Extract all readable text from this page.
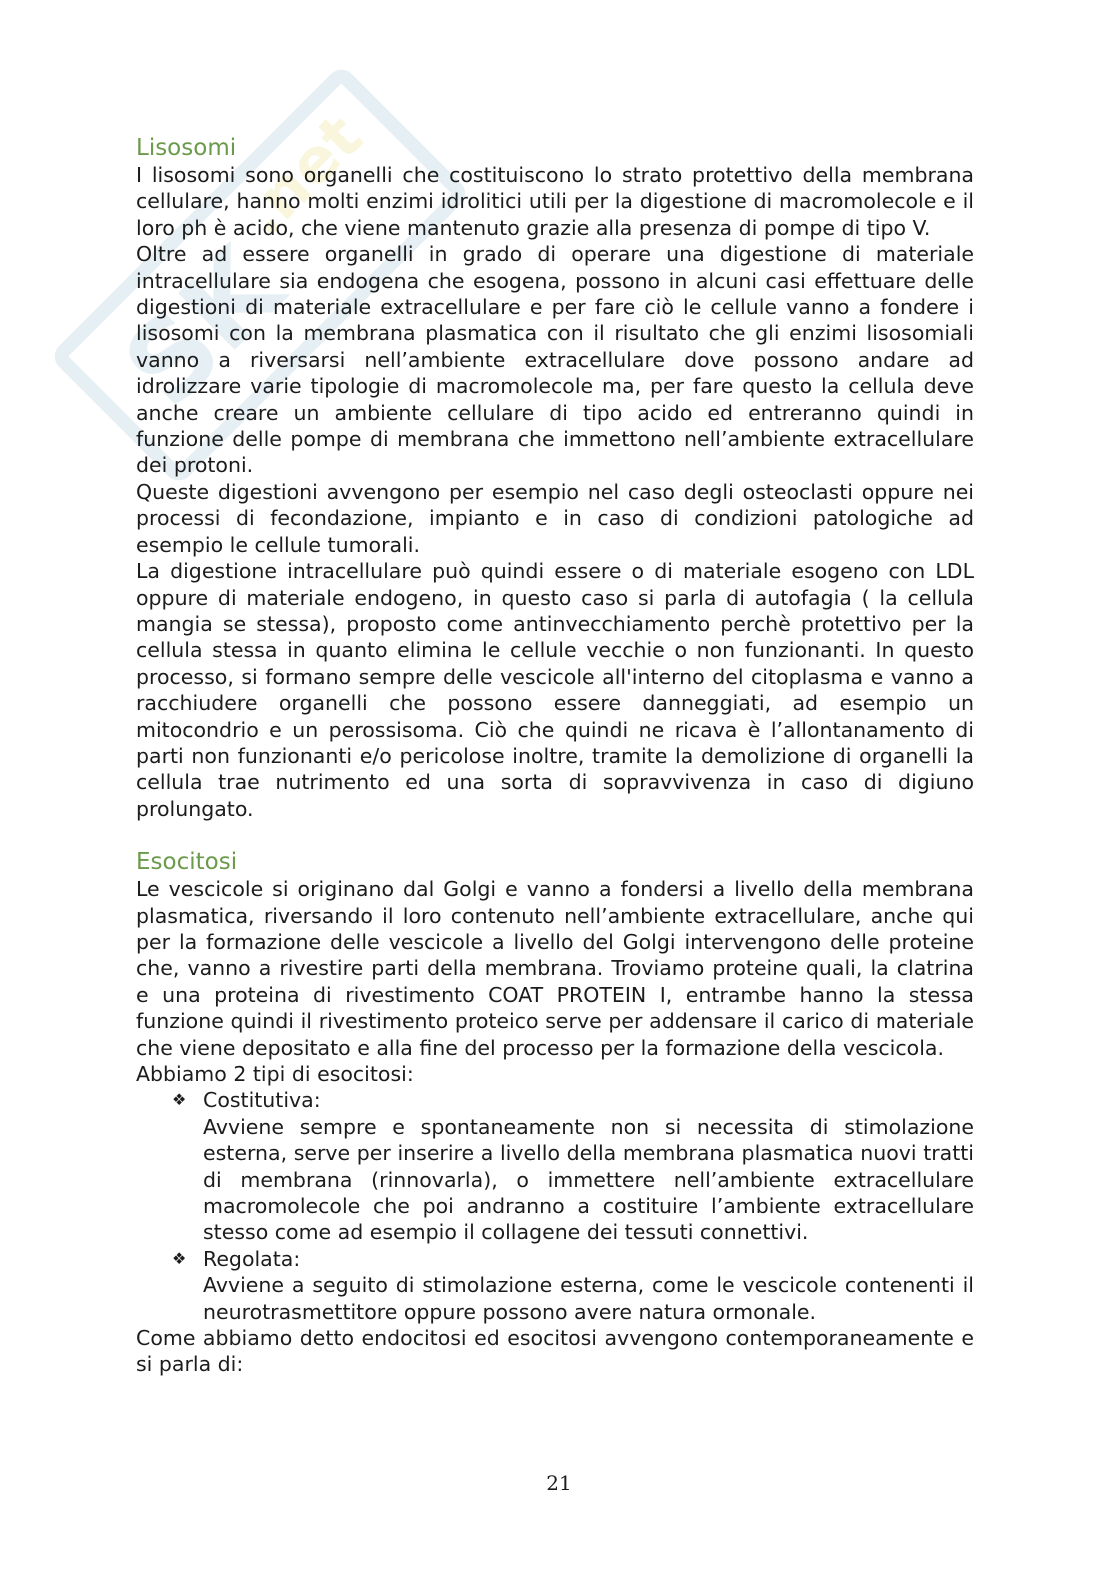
SK
.net
Lisosomi

I lisosomi sono organelli che costituiscono lo strato protettivo della membrana cellulare, hanno molti enzimi idrolitici utili per la digestione di macromolecole e il loro ph è acido, che viene mantenuto grazie alla presenza di pompe di tipo V.

Oltre ad essere organelli in grado di operare una digestione di materiale intracellulare sia endogena che esogena, possono in alcuni casi effettuare delle digestioni di materiale extracellulare e per fare ciò le cellule vanno a fondere i lisosomi con la membrana plasmatica con il risultato che gli enzimi lisosomiali vanno a riversarsi nell’ambiente extracellulare dove possono andare ad idrolizzare varie tipologie di macromolecole ma, per fare questo la cellula deve anche creare un ambiente cellulare di tipo acido ed entreranno quindi in funzione delle pompe di membrana che immettono nell’ambiente extracellulare dei protoni.

Queste digestioni avvengono per esempio nel caso degli osteoclasti oppure nei processi di fecondazione, impianto e in caso di condizioni patologiche ad esempio le cellule tumorali.

La digestione intracellulare può quindi essere o di materiale esogeno con LDL oppure di materiale endogeno, in questo caso si parla di autofagia ( la cellula mangia se stessa), proposto come antinvecchiamento perchè protettivo per la cellula stessa in quanto elimina le cellule vecchie o non funzionanti. In questo processo, si formano sempre delle vescicole all'interno del citoplasma e vanno a racchiudere organelli che possono essere danneggiati, ad esempio un mitocondrio e un perossisoma. Ciò che quindi ne ricava è l’allontanamento di parti non funzionanti e/o pericolose inoltre, tramite la demolizione di organelli la cellula trae nutrimento ed una sorta di sopravvivenza in caso di digiuno prolungato.

Esocitosi

Le vescicole si originano dal Golgi e vanno a fondersi a livello della membrana plasmatica, riversando il loro contenuto nell’ambiente extracellulare, anche qui per la formazione delle vescicole a livello del Golgi intervengono delle proteine che, vanno a rivestire parti della membrana. Troviamo proteine quali, la clatrina e una proteina di rivestimento COAT PROTEIN I, entrambe hanno la stessa funzione quindi il rivestimento proteico serve per addensare il carico di materiale che viene depositato e alla fine del processo per la formazione della vescicola.

Abbiamo 2 tipi di esocitosi:

❖ Costitutiva:
Avviene sempre e spontaneamente non si necessita di stimolazione esterna, serve per inserire a livello della membrana plasmatica nuovi tratti di membrana (rinnovarla), o immettere nell’ambiente extracellulare macromolecole che poi andranno a costituire l’ambiente extracellulare stesso come ad esempio il collagene dei tessuti connettivi.
❖ Regolata:
Avviene a seguito di stimolazione esterna, come le vescicole contenenti il neurotrasmettitore oppure possono avere natura ormonale.

Come abbiamo detto endocitosi ed esocitosi avvengono contemporaneamente e si parla di:

21
